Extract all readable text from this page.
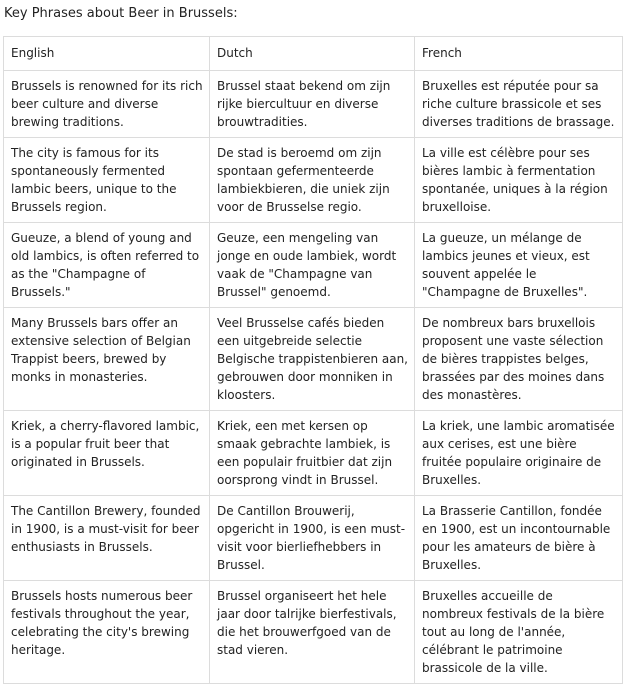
Key Phrases about Beer in Brussels:
English	Dutch	French
Brussels is renowned for its rich beer culture and diverse brewing traditions.	Brussel staat bekend om zijn rijke biercultuur en diverse brouwtradities.	Bruxelles est réputée pour sa riche culture brassicole et ses diverses traditions de brassage.
The city is famous for its spontaneously fermented lambic beers, unique to the Brussels region.	De stad is beroemd om zijn spontaan gefermenteerde lambiekbieren, die uniek zijn voor de Brusselse regio.	La ville est célèbre pour ses bières lambic à fermentation spontanée, uniques à la région bruxelloise.
Gueuze, a blend of young and old lambics, is often referred to as the "Champagne of Brussels."	Geuze, een mengeling van jonge en oude lambiek, wordt vaak de "Champagne van Brussel" genoemd.	La gueuze, un mélange de lambics jeunes et vieux, est souvent appelée le "Champagne de Bruxelles".
Many Brussels bars offer an extensive selection of Belgian Trappist beers, brewed by monks in monasteries.	Veel Brusselse cafés bieden een uitgebreide selectie Belgische trappistenbieren aan, gebrouwen door monniken in kloosters.	De nombreux bars bruxellois proposent une vaste sélection de bières trappistes belges, brassées par des moines dans des monastères.
Kriek, a cherry-flavored lambic, is a popular fruit beer that originated in Brussels.	Kriek, een met kersen op smaak gebrachte lambiek, is een populair fruitbier dat zijn oorsprong vindt in Brussel.	La kriek, une lambic aromatisée aux cerises, est une bière fruitée populaire originaire de Bruxelles.
The Cantillon Brewery, founded in 1900, is a must-visit for beer enthusiasts in Brussels.	De Cantillon Brouwerij, opgericht in 1900, is een must-visit voor bierliefhebbers in Brussel.	La Brasserie Cantillon, fondée en 1900, est un incontournable pour les amateurs de bière à Bruxelles.
Brussels hosts numerous beer festivals throughout the year, celebrating the city's brewing heritage.	Brussel organiseert het hele jaar door talrijke bierfestivals, die het brouwerfgoed van de stad vieren.	Bruxelles accueille de nombreux festivals de la bière tout au long de l'année, célébrant le patrimoine brassicole de la ville.
